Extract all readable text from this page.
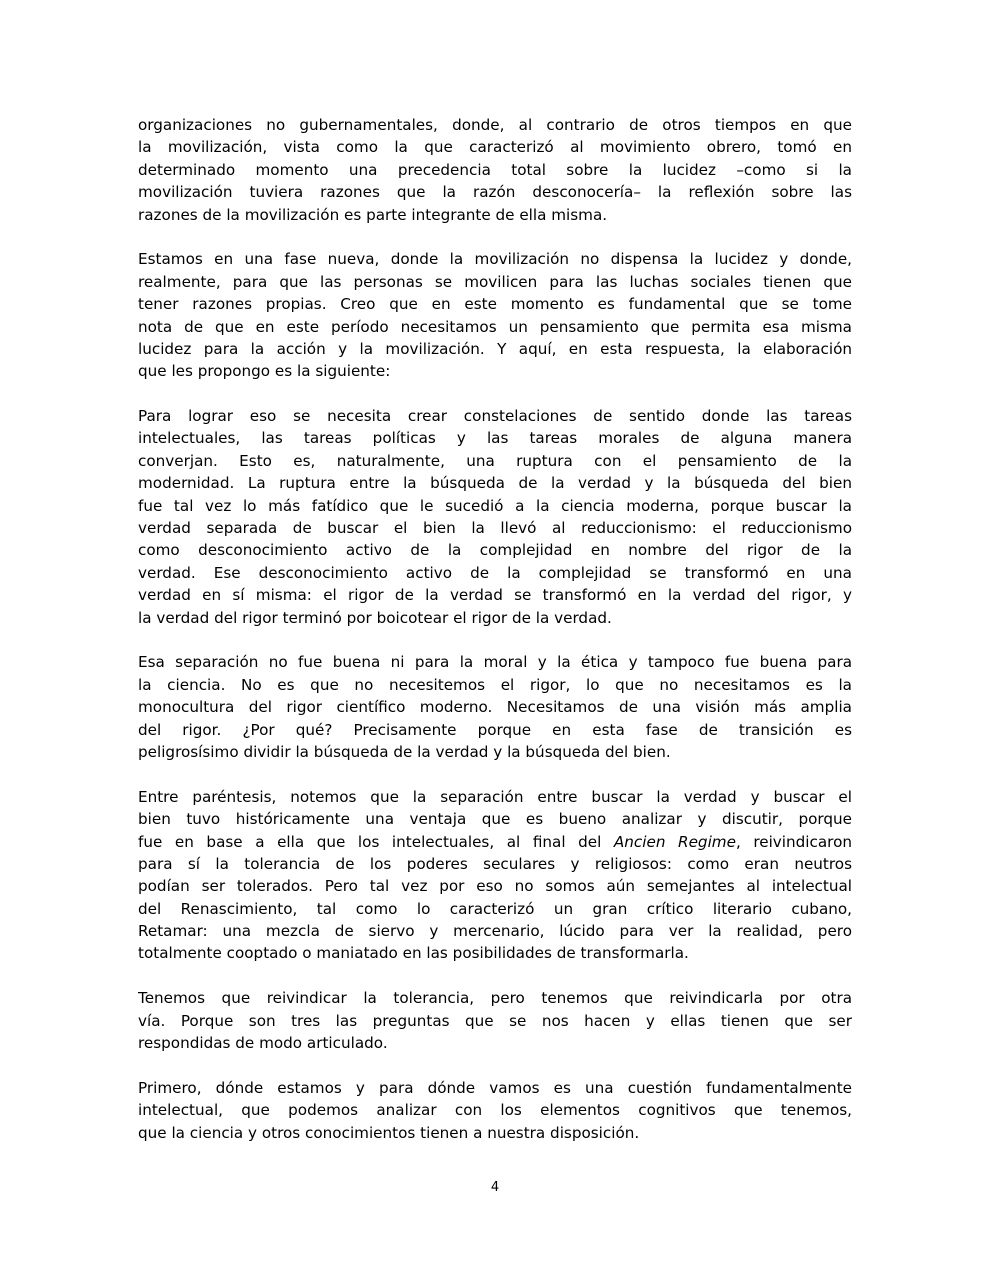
organizaciones no gubernamentales, donde, al contrario de otros tiempos en que
la movilización, vista como la que caracterizó al movimiento obrero, tomó en
determinado momento una precedencia total sobre la lucidez –como si la
movilización tuviera razones que la razón desconocería– la reflexión sobre las
razones de la movilización es parte integrante de ella misma.
Estamos en una fase nueva, donde la movilización no dispensa la lucidez y donde,
realmente, para que las personas se movilicen para las luchas sociales tienen que
tener razones propias. Creo que en este momento es fundamental que se tome
nota de que en este período necesitamos un pensamiento que permita esa misma
lucidez para la acción y la movilización. Y aquí, en esta respuesta, la elaboración
que les propongo es la siguiente:
Para lograr eso se necesita crear constelaciones de sentido donde las tareas
intelectuales, las tareas políticas y las tareas morales de alguna manera
converjan. Esto es, naturalmente, una ruptura con el pensamiento de la
modernidad. La ruptura entre la búsqueda de la verdad y la búsqueda del bien
fue tal vez lo más fatídico que le sucedió a la ciencia moderna, porque buscar la
verdad separada de buscar el bien la llevó al reduccionismo: el reduccionismo
como desconocimiento activo de la complejidad en nombre del rigor de la
verdad. Ese desconocimiento activo de la complejidad se transformó en una
verdad en sí misma: el rigor de la verdad se transformó en la verdad del rigor, y
la verdad del rigor terminó por boicotear el rigor de la verdad.
Esa separación no fue buena ni para la moral y la ética y tampoco fue buena para
la ciencia. No es que no necesitemos el rigor, lo que no necesitamos es la
monocultura del rigor científico moderno. Necesitamos de una visión más amplia
del rigor. ¿Por qué? Precisamente porque en esta fase de transición es
peligrosísimo dividir la búsqueda de la verdad y la búsqueda del bien.
Entre paréntesis, notemos que la separación entre buscar la verdad y buscar el
bien tuvo históricamente una ventaja que es bueno analizar y discutir, porque
fue en base a ella que los intelectuales, al final del Ancien Regime, reivindicaron
para sí la tolerancia de los poderes seculares y religiosos: como eran neutros
podían ser tolerados. Pero tal vez por eso no somos aún semejantes al intelectual
del Renascimiento, tal como lo caracterizó un gran crítico literario cubano,
Retamar: una mezcla de siervo y mercenario, lúcido para ver la realidad, pero
totalmente cooptado o maniatado en las posibilidades de transformarla.
Tenemos que reivindicar la tolerancia, pero tenemos que reivindicarla por otra
vía. Porque son tres las preguntas que se nos hacen y ellas tienen que ser
respondidas de modo articulado.
Primero, dónde estamos y para dónde vamos es una cuestión fundamentalmente
intelectual, que podemos analizar con los elementos cognitivos que tenemos,
que la ciencia y otros conocimientos tienen a nuestra disposición.
4
